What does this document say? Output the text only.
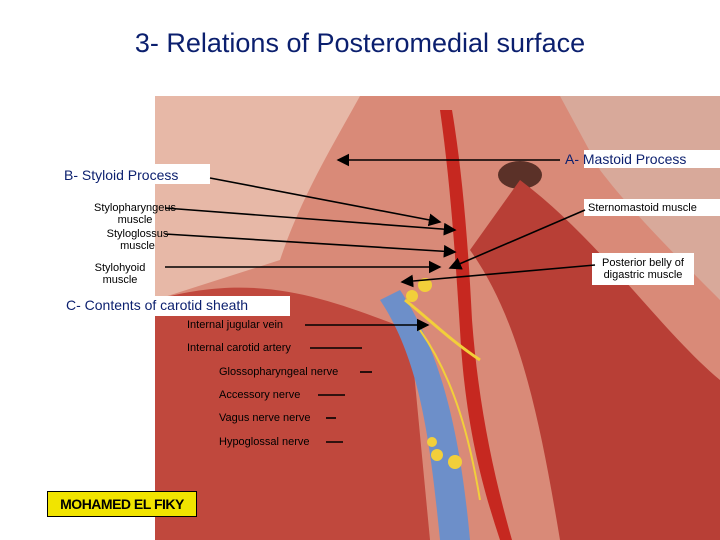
3- Relations of Posteromedial surface
A- Mastoid Process
B- Styloid Process
C- Contents of carotid sheath
Stylopharyngeus
muscle
Styloglossus
muscle
Stylohyoid
muscle
Sternomastoid muscle
Posterior belly of
digastric muscle
Internal jugular vein
Internal carotid artery
Glossopharyngeal nerve
Accessory nerve
Vagus nerve nerve
Hypoglossal nerve
MOHAMED EL FIKY
